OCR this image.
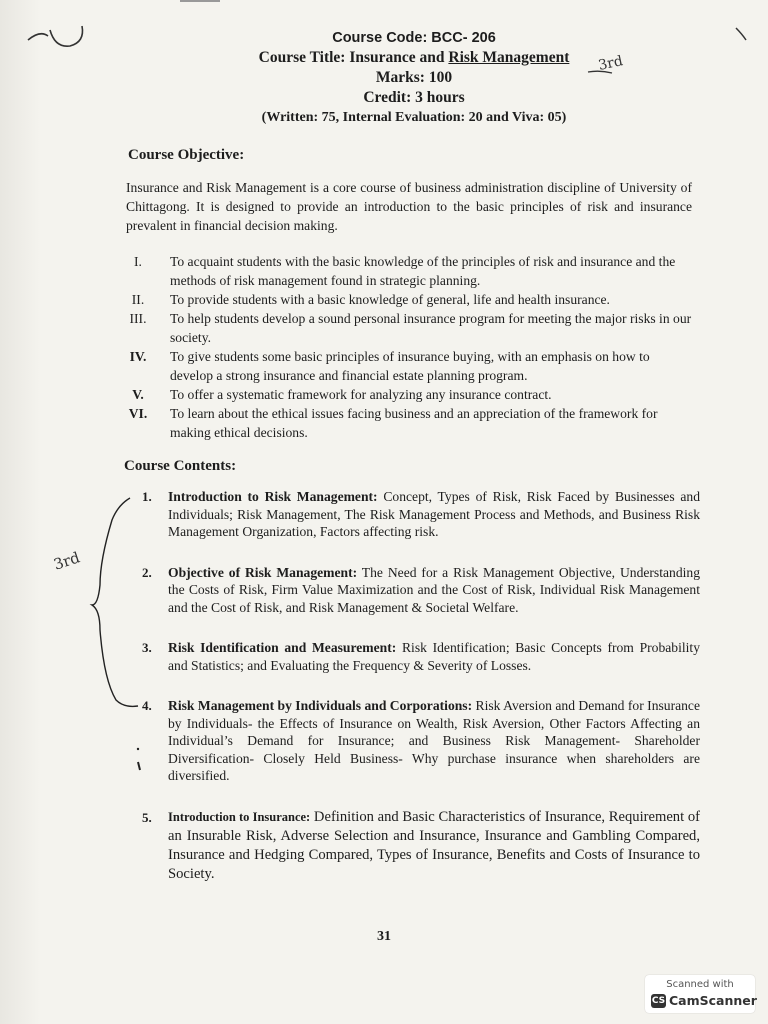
3rd
3rd
Course Code: BCC- 206
Course Title: Insurance and Risk Management
Marks: 100
Credit: 3 hours
(Written: 75, Internal Evaluation: 20 and Viva: 05)
Course Objective:
Insurance and Risk Management is a core course of business administration discipline of University of Chittagong. It is designed to provide an introduction to the basic principles of risk and insurance prevalent in financial decision making.
I.	To acquaint students with the basic knowledge of the principles of risk and insurance and the methods of risk management found in strategic planning.
II.	To provide students with a basic knowledge of general, life and health insurance.
III.	To help students develop a sound personal insurance program for meeting the major risks in our society.
IV.	To give students some basic principles of insurance buying, with an emphasis on how to develop a strong insurance and financial estate planning program.
V.	To offer a systematic framework for analyzing any insurance contract.
VI.	To learn about the ethical issues facing business and an appreciation of the framework for making ethical decisions.
Course Contents:
1. Introduction to Risk Management: Concept, Types of Risk, Risk Faced by Businesses and Individuals; Risk Management, The Risk Management Process and Methods, and Business Risk Management Organization, Factors affecting risk.
2. Objective of Risk Management: The Need for a Risk Management Objective, Understanding the Costs of Risk, Firm Value Maximization and the Cost of Risk, Individual Risk Management and the Cost of Risk, and Risk Management & Societal Welfare.
3. Risk Identification and Measurement: Risk Identification; Basic Concepts from Probability and Statistics; and Evaluating the Frequency & Severity of Losses.
4. Risk Management by Individuals and Corporations: Risk Aversion and Demand for Insurance by Individuals- the Effects of Insurance on Wealth, Risk Aversion, Other Factors Affecting an Individual’s Demand for Insurance; and Business Risk Management- Shareholder Diversification- Closely Held Business- Why purchase insurance when shareholders are diversified.
5. Introduction to Insurance: Definition and Basic Characteristics of Insurance, Requirement of an Insurable Risk, Adverse Selection and Insurance, Insurance and Gambling Compared, Insurance and Hedging Compared, Types of Insurance, Benefits and Costs of Insurance to Society.
31
Scanned with
CS CamScanner
